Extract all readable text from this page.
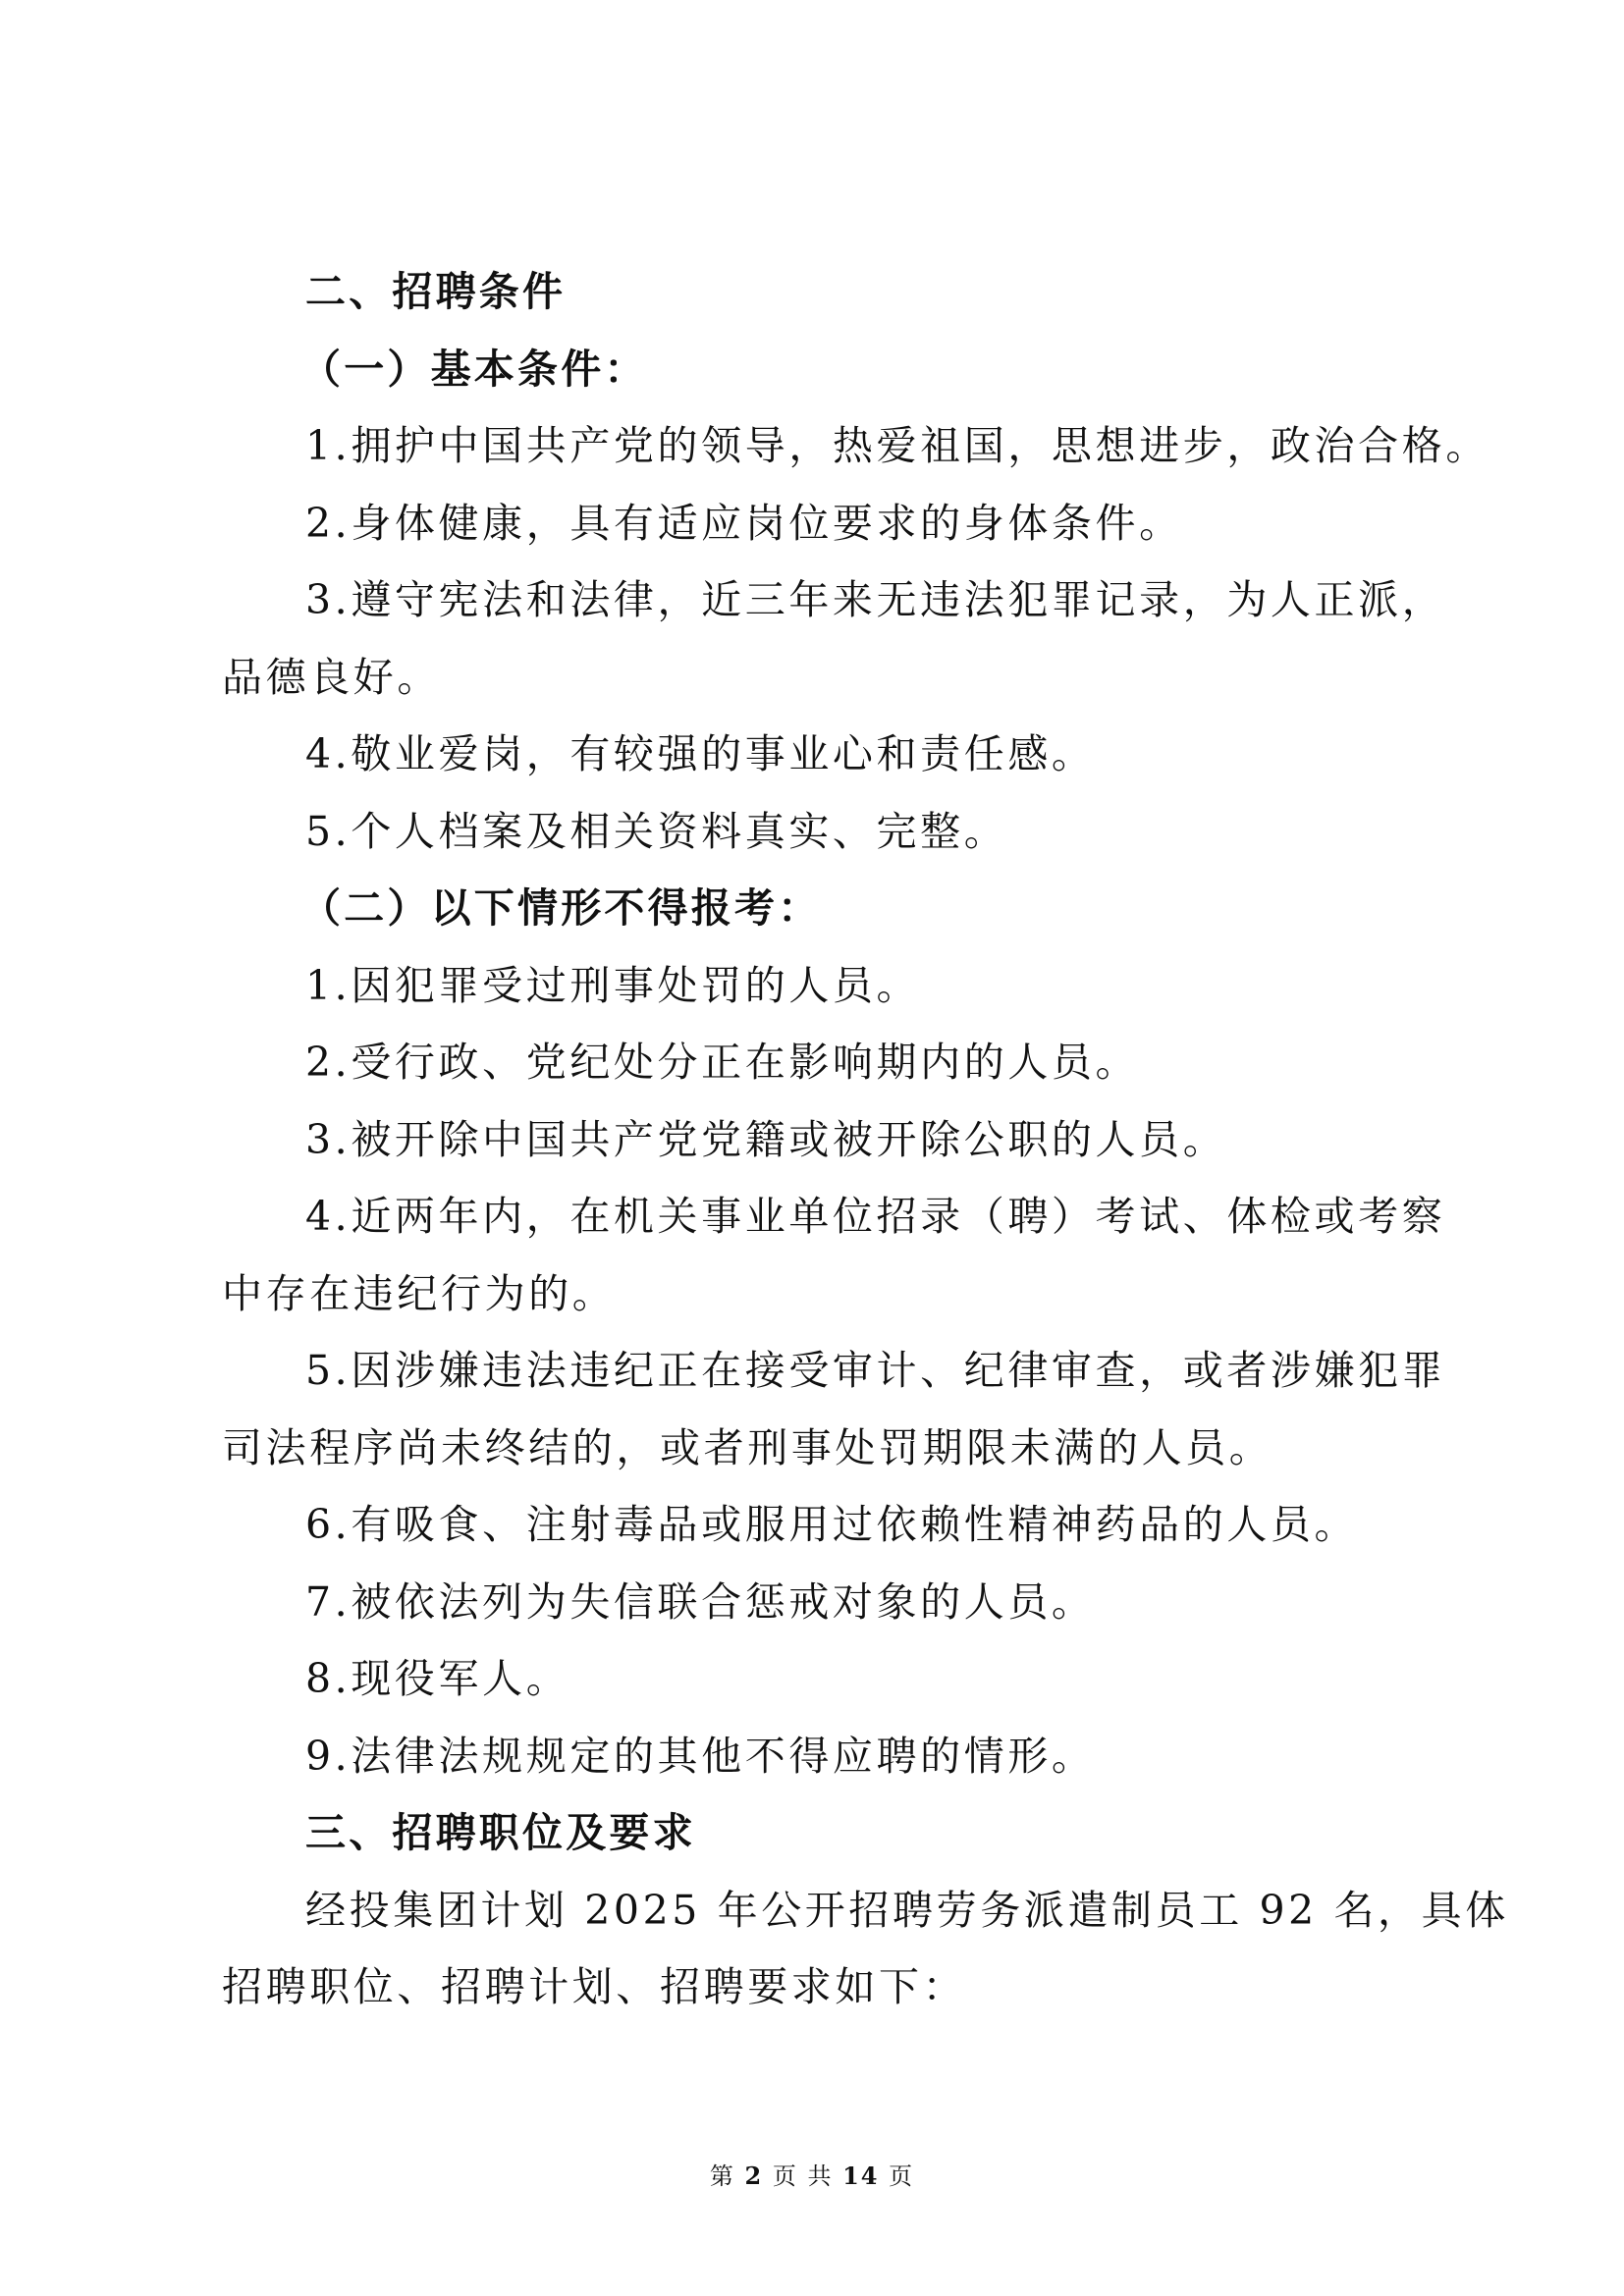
二、招聘条件
（一）基本条件：
1.拥护中国共产党的领导，热爱祖国，思想进步，政治合格。
2.身体健康，具有适应岗位要求的身体条件。
3.遵守宪法和法律，近三年来无违法犯罪记录，为人正派，
品德良好。
4.敬业爱岗，有较强的事业心和责任感。
5.个人档案及相关资料真实、完整。
（二）以下情形不得报考：
1.因犯罪受过刑事处罚的人员。
2.受行政、党纪处分正在影响期内的人员。
3.被开除中国共产党党籍或被开除公职的人员。
4.近两年内，在机关事业单位招录（聘）考试、体检或考察
中存在违纪行为的。
5.因涉嫌违法违纪正在接受审计、纪律审查，或者涉嫌犯罪
司法程序尚未终结的，或者刑事处罚期限未满的人员。
6.有吸食、注射毒品或服用过依赖性精神药品的人员。
7.被依法列为失信联合惩戒对象的人员。
8.现役军人。
9.法律法规规定的其他不得应聘的情形。
三、招聘职位及要求
经投集团计划 2025 年公开招聘劳务派遣制员工 92 名，具体
招聘职位、招聘计划、招聘要求如下：
第 2 页 共 14 页
